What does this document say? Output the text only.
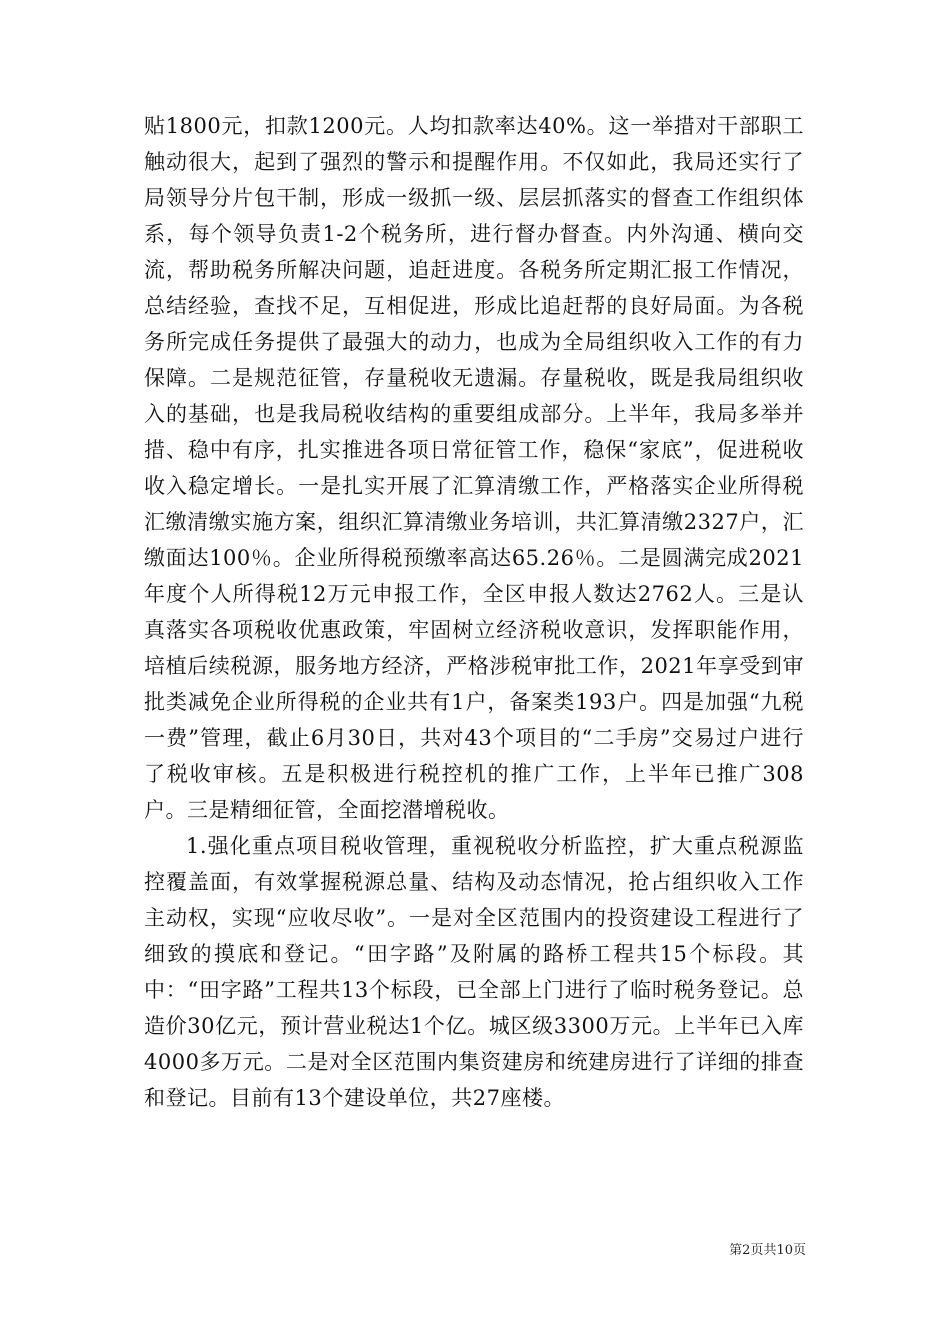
贴1800元，扣款1200元。人均扣款率达40%。这一举措对干部职工触动很大，起到了强烈的警示和提醒作用。不仅如此，我局还实行了局领导分片包干制，形成一级抓一级、层层抓落实的督查工作组织体系，每个领导负责1-2个税务所，进行督办督查。内外沟通、横向交流，帮助税务所解决问题，追赶进度。各税务所定期汇报工作情况，总结经验，查找不足，互相促进，形成比追赶帮的良好局面。为各税务所完成任务提供了最强大的动力，也成为全局组织收入工作的有力保障。二是规范征管，存量税收无遗漏。存量税收，既是我局组织收入的基础，也是我局税收结构的重要组成部分。上半年，我局多举并措、稳中有序，扎实推进各项日常征管工作，稳保“家底”，促进税收收入稳定增长。一是扎实开展了汇算清缴工作，严格落实企业所得税汇缴清缴实施方案，组织汇算清缴业务培训，共汇算清缴2327户，汇缴面达100％。企业所得税预缴率高达65.26％。二是圆满完成2021年度个人所得税12万元申报工作，全区申报人数达2762人。三是认真落实各项税收优惠政策，牢固树立经济税收意识，发挥职能作用，培植后续税源，服务地方经济，严格涉税审批工作，2021年享受到审批类减免企业所得税的企业共有1户，备案类193户。四是加强“九税一费”管理，截止6月30日，共对43个项目的“二手房”交易过户进行了税收审核。五是积极进行税控机的推广工作，上半年已推广308户。三是精细征管，全面挖潜增税收。

1.强化重点项目税收管理，重视税收分析监控，扩大重点税源监控覆盖面，有效掌握税源总量、结构及动态情况，抢占组织收入工作主动权，实现“应收尽收”。一是对全区范围内的投资建设工程进行了细致的摸底和登记。“田字路”及附属的路桥工程共15个标段。其中：“田字路”工程共13个标段，已全部上门进行了临时税务登记。总造价30亿元，预计营业税达1个亿。城区级3300万元。上半年已入库4000多万元。二是对全区范围内集资建房和统建房进行了详细的排查和登记。目前有13个建设单位，共27座楼。

第2页共10页
